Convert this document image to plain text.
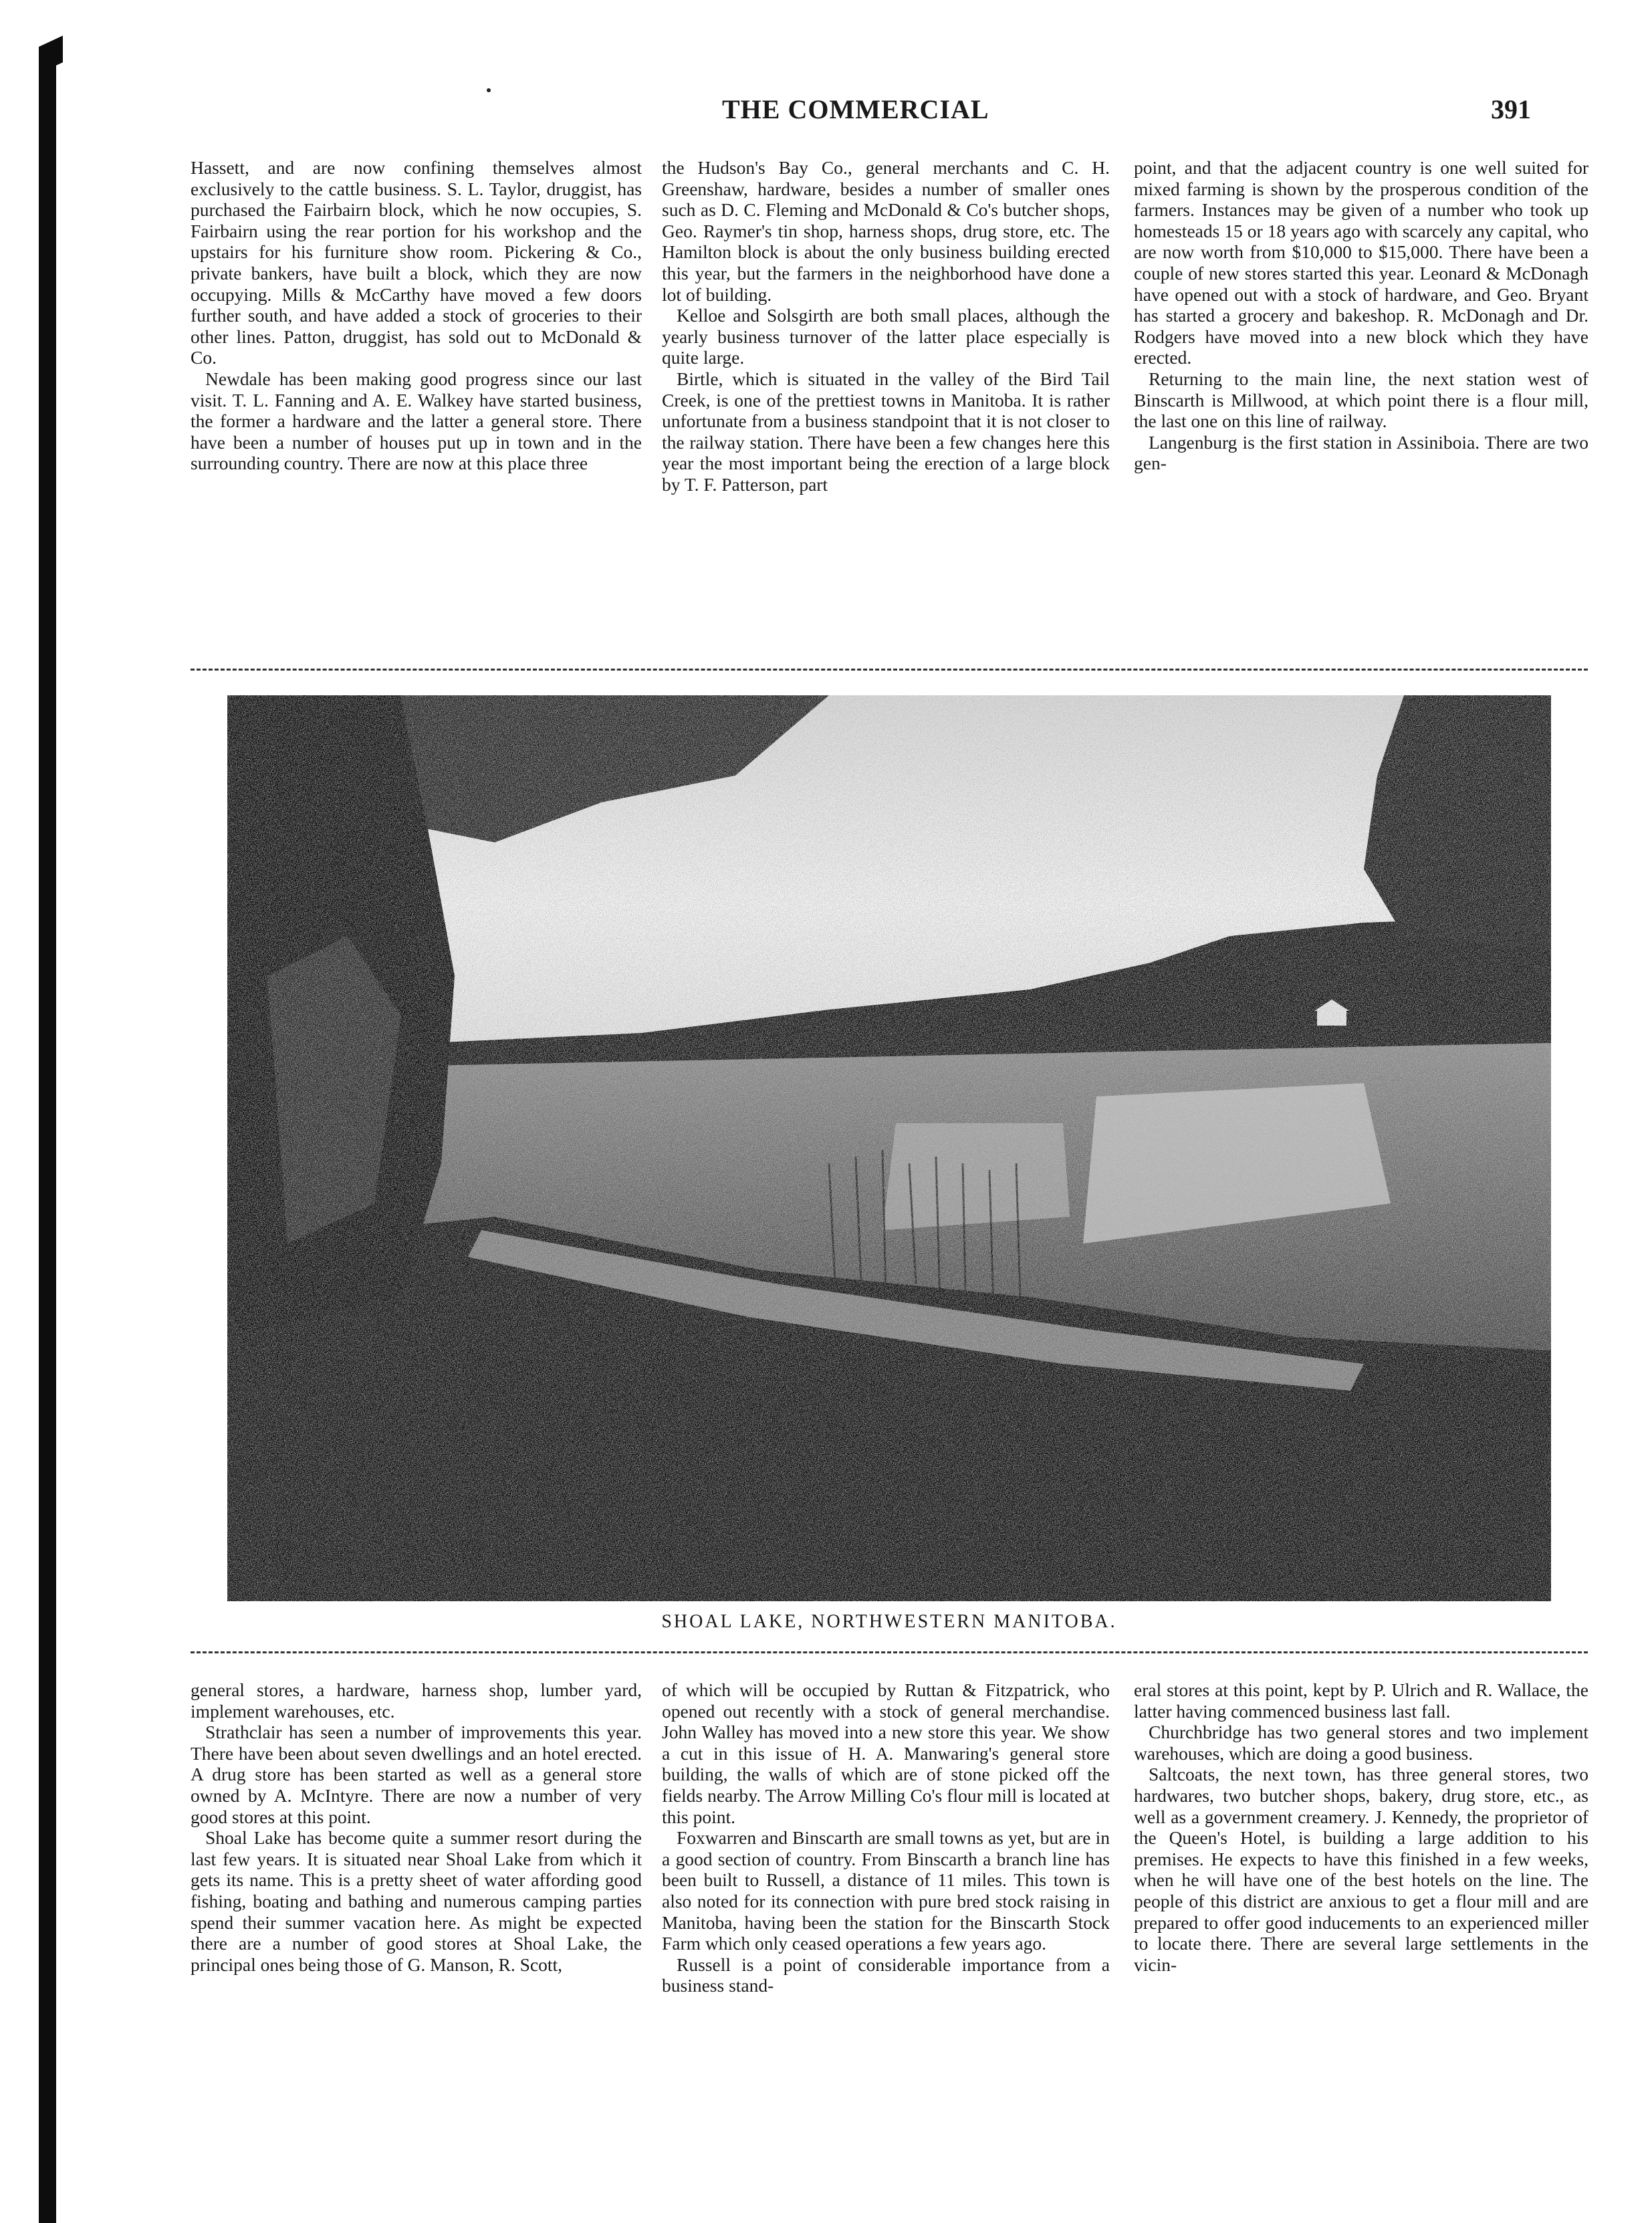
THE COMMERCIAL	391

Hassett, and are now confining themselves almost exclusively to the cattle business. S. L. Taylor, druggist, has purchased the Fairbairn block, which he now occupies, S. Fairbairn using the rear portion for his workshop and the upstairs for his furniture show room. Pickering & Co., private bankers, have built a block, which they are now occupying. Mills & McCarthy have moved a few doors further south, and have added a stock of groceries to their other lines. Patton, druggist, has sold out to McDonald & Co.

Newdale has been making good progress since our last visit. T. L. Fanning and A. E. Walkey have started business, the former a hardware and the latter a general store. There have been a number of houses put up in town and in the surrounding country. There are now at this place three

the Hudson's Bay Co., general merchants and C. H. Greenshaw, hardware, besides a number of smaller ones such as D. C. Fleming and McDonald & Co's butcher shops, Geo. Raymer's tin shop, harness shops, drug store, etc. The Hamilton block is about the only business building erected this year, but the farmers in the neighborhood have done a lot of building.

Kelloe and Solsgirth are both small places, although the yearly business turnover of the latter place especially is quite large.

Birtle, which is situated in the valley of the Bird Tail Creek, is one of the prettiest towns in Manitoba. It is rather unfortunate from a business standpoint that it is not closer to the railway station. There have been a few changes here this year the most important being the erection of a large block by T. F. Patterson, part

point, and that the adjacent country is one well suited for mixed farming is shown by the prosperous condition of the farmers. Instances may be given of a number who took up homesteads 15 or 18 years ago with scarcely any capital, who are now worth from $10,000 to $15,000. There have been a couple of new stores started this year. Leonard & McDonagh have opened out with a stock of hardware, and Geo. Bryant has started a grocery and bakeshop. R. McDonagh and Dr. Rodgers have moved into a new block which they have erected.

Returning to the main line, the next station west of Binscarth is Millwood, at which point there is a flour mill, the last one on this line of railway.

Langenburg is the first station in Assiniboia. There are two gen-

SHOAL LAKE, NORTHWESTERN MANITOBA.

general stores, a hardware, harness shop, lumber yard, implement warehouses, etc.

Strathclair has seen a number of improvements this year. There have been about seven dwellings and an hotel erected. A drug store has been started as well as a general store owned by A. McIntyre. There are now a number of very good stores at this point.

Shoal Lake has become quite a summer resort during the last few years. It is situated near Shoal Lake from which it gets its name. This is a pretty sheet of water affording good fishing, boating and bathing and numerous camping parties spend their summer vacation here. As might be expected there are a number of good stores at Shoal Lake, the principal ones being those of G. Manson, R. Scott,

of which will be occupied by Ruttan & Fitzpatrick, who opened out recently with a stock of general merchandise. John Walley has moved into a new store this year. We show a cut in this issue of H. A. Manwaring's general store building, the walls of which are of stone picked off the fields nearby. The Arrow Milling Co's flour mill is located at this point.

Foxwarren and Binscarth are small towns as yet, but are in a good section of country. From Binscarth a branch line has been built to Russell, a distance of 11 miles. This town is also noted for its connection with pure bred stock raising in Manitoba, having been the station for the Binscarth Stock Farm which only ceased operations a few years ago.

Russell is a point of considerable importance from a business stand-

eral stores at this point, kept by P. Ulrich and R. Wallace, the latter having commenced business last fall.

Churchbridge has two general stores and two implement warehouses, which are doing a good business.

Saltcoats, the next town, has three general stores, two hardwares, two butcher shops, bakery, drug store, etc., as well as a government creamery. J. Kennedy, the proprietor of the Queen's Hotel, is building a large addition to his premises. He expects to have this finished in a few weeks, when he will have one of the best hotels on the line. The people of this district are anxious to get a flour mill and are prepared to offer good inducements to an experienced miller to locate there. There are several large settlements in the vicin-
